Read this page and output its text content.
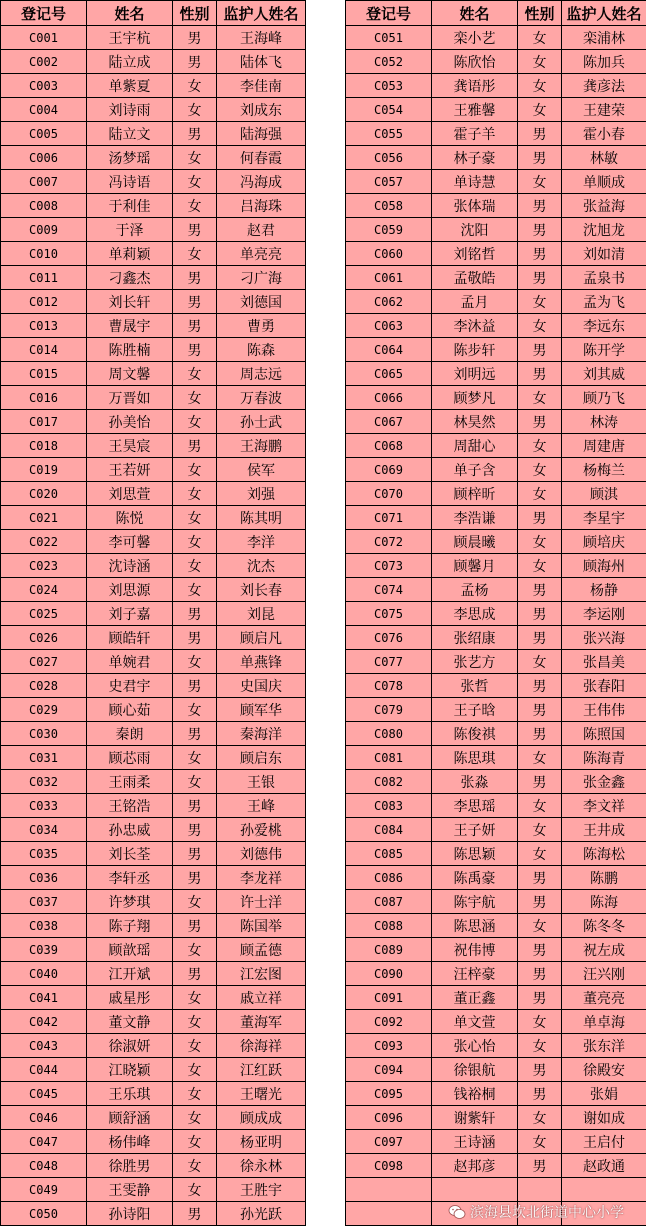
登记号	姓名	性别	监护人姓名
C001	王宇杭	男	王海峰
C002	陆立成	男	陆体飞
C003	单紫夏	女	李佳南
C004	刘诗雨	女	刘成东
C005	陆立文	男	陆海强
C006	汤梦瑶	女	何春霞
C007	冯诗语	女	冯海成
C008	于利佳	女	吕海珠
C009	于泽	男	赵君
C010	单莉颖	女	单亮亮
C011	刁鑫杰	男	刁广海
C012	刘长轩	男	刘德国
C013	曹晟宇	男	曹勇
C014	陈胜楠	男	陈森
C015	周文馨	女	周志远
C016	万晋如	女	万春波
C017	孙美怡	女	孙士武
C018	王昊宸	男	王海鹏
C019	王若妍	女	侯军
C020	刘思萱	女	刘强
C021	陈悦	女	陈其明
C022	李可馨	女	李洋
C023	沈诗涵	女	沈杰
C024	刘思源	女	刘长春
C025	刘子嘉	男	刘昆
C026	顾皓轩	男	顾启凡
C027	单婉君	女	单燕锋
C028	史君宇	男	史国庆
C029	顾心茹	女	顾军华
C030	秦朗	男	秦海洋
C031	顾芯雨	女	顾启东
C032	王雨柔	女	王银
C033	王铭浩	男	王峰
C034	孙忠威	男	孙爱桃
C035	刘长荃	男	刘德伟
C036	李轩丞	男	李龙祥
C037	许梦琪	女	许士洋
C038	陈子翔	男	陈国举
C039	顾歆瑶	女	顾孟德
C040	江开斌	男	江宏图
C041	戚星彤	女	戚立祥
C042	董文静	女	董海军
C043	徐淑妍	女	徐海祥
C044	江晓颖	女	江红跃
C045	王乐琪	女	王曙光
C046	顾舒涵	女	顾成成
C047	杨伟峰	女	杨亚明
C048	徐胜男	女	徐永林
C049	王雯静	女	王胜宇
C050	孙诗阳	男	孙光跃
登记号	姓名	性别	监护人姓名
C051	栾小艺	女	栾浦林
C052	陈欣怡	女	陈加兵
C053	龚语彤	女	龚彦法
C054	王雅馨	女	王建荣
C055	霍子羊	男	霍小春
C056	林子豪	男	林敏
C057	单诗慧	女	单顺成
C058	张体瑞	男	张益海
C059	沈阳	男	沈旭龙
C060	刘铭哲	男	刘如清
C061	孟敬皓	男	孟泉书
C062	孟月	女	孟为飞
C063	李沐益	女	李远东
C064	陈步轩	男	陈开学
C065	刘明远	男	刘其威
C066	顾梦凡	女	顾乃飞
C067	林昊然	男	林涛
C068	周甜心	女	周建唐
C069	单子含	女	杨梅兰
C070	顾梓昕	女	顾淇
C071	李浩谦	男	李星宇
C072	顾晨曦	女	顾培庆
C073	顾馨月	女	顾海州
C074	孟杨	男	杨静
C075	李思成	男	李运刚
C076	张绍康	男	张兴海
C077	张艺方	女	张昌美
C078	张哲	男	张春阳
C079	王子晗	男	王伟伟
C080	陈俊祺	男	陈照国
C081	陈思琪	女	陈海青
C082	张淼	男	张金鑫
C083	李思瑶	女	李文祥
C084	王子妍	女	王井成
C085	陈思颖	女	陈海松
C086	陈禹豪	男	陈鹏
C087	陈宇航	男	陈海
C088	陈思涵	女	陈冬冬
C089	祝伟博	男	祝左成
C090	汪梓豪	男	汪兴刚
C091	董正鑫	男	董亮亮
C092	单文萱	女	单卓海
C093	张心怡	女	张东洋
C094	徐银航	男	徐殿安
C095	钱裕桐	男	张娟
C096	谢紫轩	女	谢如成
C097	王诗涵	女	王启付
C098	赵邦彦	男	赵政通

滨海县坎北街道中心小学
